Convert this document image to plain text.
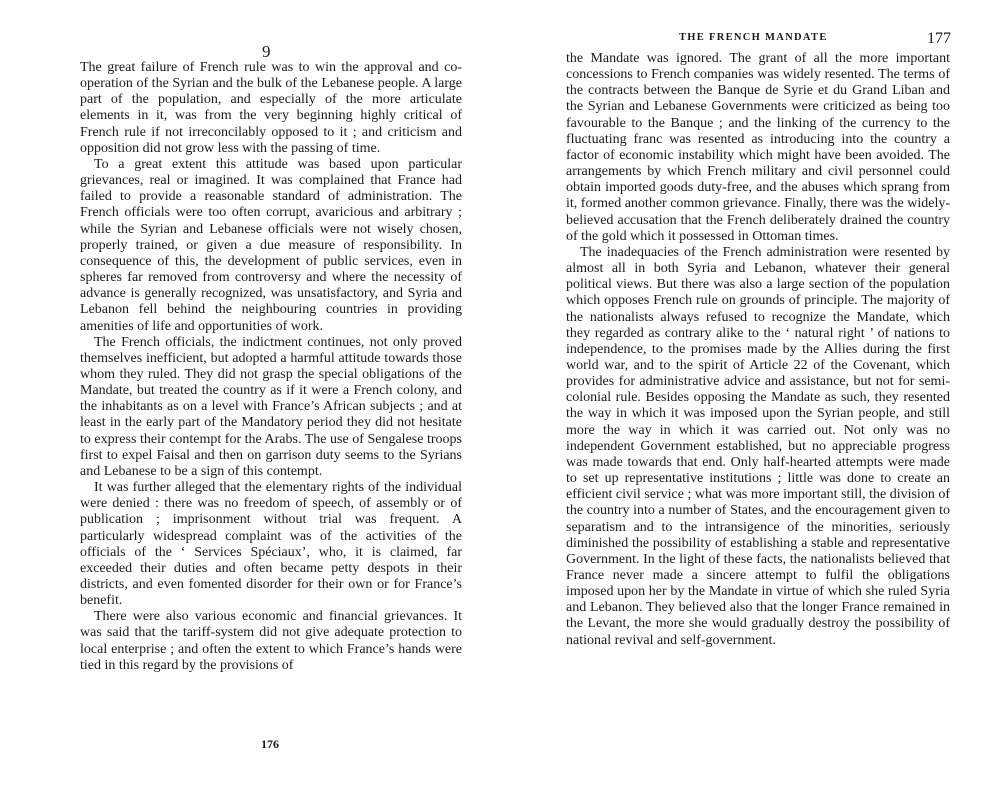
9

The great failure of French rule was to win the approval and co-operation of the Syrian and the bulk of the Lebanese people. A large part of the population, and especially of the more articulate elements in it, was from the very beginning highly critical of French rule if not irreconcilably opposed to it ; and criticism and opposition did not grow less with the passing of time.

To a great extent this attitude was based upon particular grievances, real or imagined. It was complained that France had failed to provide a reasonable standard of administration. The French officials were too often corrupt, avaricious and arbitrary ; while the Syrian and Lebanese officials were not wisely chosen, properly trained, or given a due measure of responsibility. In consequence of this, the development of public services, even in spheres far removed from controversy and where the necessity of advance is generally recognized, was unsatisfactory, and Syria and Lebanon fell behind the neighbouring countries in providing amenities of life and opportunities of work.

The French officials, the indictment continues, not only proved themselves inefficient, but adopted a harmful attitude towards those whom they ruled. They did not grasp the special obligations of the Mandate, but treated the country as if it were a French colony, and the inhabitants as on a level with France’s African subjects ; and at least in the early part of the Mandatory period they did not hesitate to express their contempt for the Arabs. The use of Sengalese troops first to expel Faisal and then on garrison duty seems to the Syrians and Lebanese to be a sign of this contempt.

It was further alleged that the elementary rights of the individual were denied : there was no freedom of speech, of assembly or of publication ; imprisonment without trial was frequent. A particularly widespread complaint was of the activities of the officials of the ‘ Services Spéciaux’, who, it is claimed, far exceeded their duties and often became petty despots in their districts, and even fomented disorder for their own or for France’s benefit.

There were also various economic and financial grievances. It was said that the tariff-system did not give adequate protection to local enterprise ; and often the extent to which France’s hands were tied in this regard by the provisions of

176
THE FRENCH MANDATE	177

the Mandate was ignored. The grant of all the more important concessions to French companies was widely resented. The terms of the contracts between the Banque de Syrie et du Grand Liban and the Syrian and Lebanese Governments were criticized as being too favourable to the Banque ; and the linking of the currency to the fluctuating franc was resented as introducing into the country a factor of economic instability which might have been avoided. The arrangements by which French military and civil personnel could obtain imported goods duty-free, and the abuses which sprang from it, formed another common grievance. Finally, there was the widely-believed accusation that the French deliberately drained the country of the gold which it possessed in Ottoman times.

The inadequacies of the French administration were resented by almost all in both Syria and Lebanon, whatever their general political views. But there was also a large section of the population which opposes French rule on grounds of principle. The majority of the nationalists always refused to recognize the Mandate, which they regarded as contrary alike to the ‘ natural right ’ of nations to independence, to the promises made by the Allies during the first world war, and to the spirit of Article 22 of the Covenant, which provides for administrative advice and assistance, but not for semi-colonial rule. Besides opposing the Mandate as such, they resented the way in which it was imposed upon the Syrian people, and still more the way in which it was carried out. Not only was no independent Government established, but no appreciable progress was made towards that end. Only half-hearted attempts were made to set up representative institutions ; little was done to create an efficient civil service ; what was more important still, the division of the country into a number of States, and the encouragement given to separatism and to the intransigence of the minorities, seriously diminished the possibility of establishing a stable and representative Government. In the light of these facts, the nationalists believed that France never made a sincere attempt to fulfil the obligations imposed upon her by the Mandate in virtue of which she ruled Syria and Lebanon. They believed also that the longer France remained in the Levant, the more she would gradually destroy the possibility of national revival and self-government.
